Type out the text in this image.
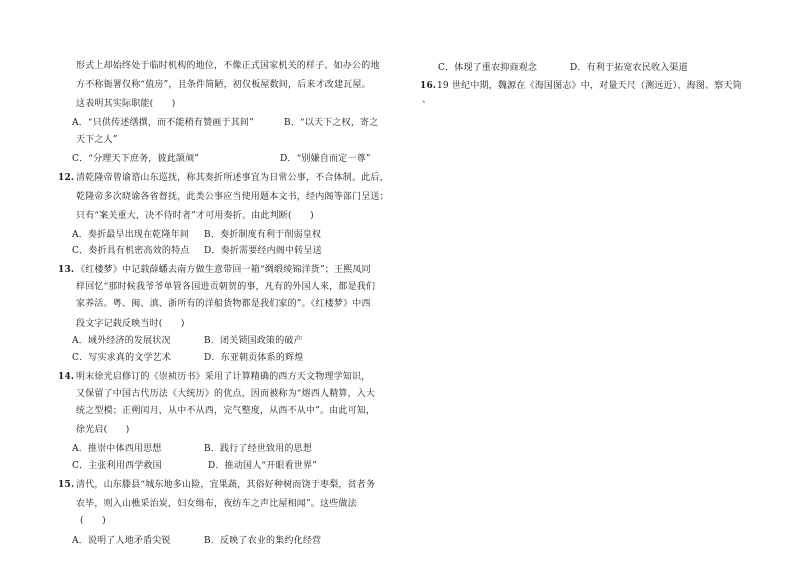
形式上却始终处于临时机构的地位，不像正式国家机关的样子。如办公的地
方不称衙署仅称“值房”，且条件简陋，初仅板屋数间，后来才改建瓦屋。
这表明其实际职能(　　)
A．“只供传述缮撰，而不能稍有赞画于其间”	B．“以天下之权，寄之
天下之人”
C．“分理天下庶务，彼此颉颃”	D．“别嫌自而定一尊”
12. 清乾隆帝曾谕谘山东巡抚，称其奏折所述事宜为日常公事，不合体制。此后，
乾隆帝多次晓谕各省督抚，此类公事应当使用题本文书，经内阁等部门呈送；
只有“案关重大，决不待时者”才可用奏折。由此判断(　　)
A．奏折最早出现在乾隆年间 B．奏折制度有利于削弱皇权
C．奏折具有机密高效的特点 D．奏折需要经内阁中转呈送
13. 《红楼梦》中记载薛蟠去南方做生意带回一箱“绸缎绫锦洋货”；王熙凤同
样回忆“那时候我爷爷单管各国进贡朝贺的事，凡有的外国人来，都是我们
家养活。粤、闽、滇、浙所有的洋船货物都是我们家的”。《红楼梦》中西
段文字记载反映当时(　　)
A．域外经济的发展状况	B．闭关锁国政策的破产
C．写实求真的文学艺术	D．东亚朝贡体系的辉煌
14. 明末徐光启修订的《崇祯历书》采用了计算精确的西方天文物理学知识，
又保留了中国古代历法《大统历》的优点，因而被称为“熔西人精算，入大
统之型模；正朔闰月，从中不从西，完气整度，从西不从中”。由此可知，
徐光启(　　)
A．推崇中体西用思想	B．践行了经世致用的思想
C．主张利用西学救国	D．推动国人“开眼看世界”
15. 清代，山东滕县“城东地多山险，宜果蔬，其俗好种树而饶于枣梨，贫者务
农毕，则入山樵采治炭，妇女缉布，夜纺车之声比屋相闻”。这些做法
(　　)
A．说明了人地矛盾尖锐	B．反映了农业的集约化经营
C．体现了重农抑商观念	D．有利于拓宽农民收入渠道
16. 19 世纪中期，魏源在《海国图志》中，对量天尺（测远近）、海图、察天筒
、
